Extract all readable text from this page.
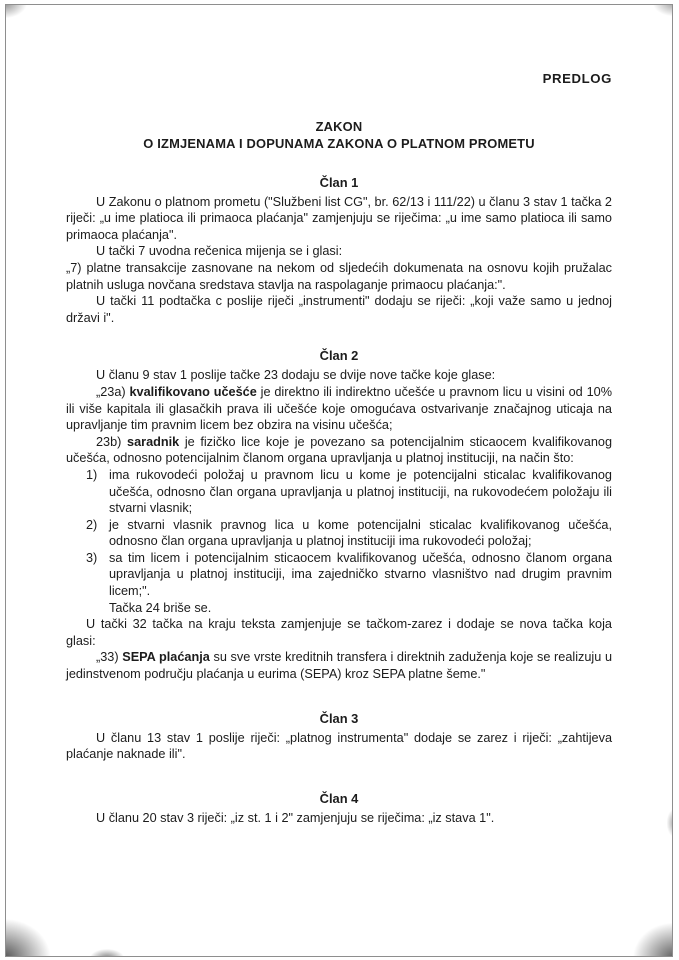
PREDLOG

ZAKON
O IZMJENAMA I DOPUNAMA ZAKONA O PLATNOM PROMETU
Član 1

U Zakonu o platnom prometu ("Službeni list CG", br. 62/13 i 111/22) u članu 3 stav 1 tačka 2 riječi: „u ime platioca ili primaoca plaćanja" zamjenjuju se riječima: „u ime samo platioca ili samo primaoca plaćanja".

U tački 7 uvodna rečenica mijenja se i glasi:

„7) platne transakcije zasnovane na nekom od sljedećih dokumenata na osnovu kojih pružalac platnih usluga novčana sredstava stavlja na raspolaganje primaocu plaćanja:".

U tački 11 podtačka c poslije riječi „instrumenti" dodaju se riječi: „koji važe samo u jednoj državi i".

Član 2

U članu 9 stav 1 poslije tačke 23 dodaju se dvije nove tačke koje glase:

„23a) kvalifikovano učešće je direktno ili indirektno učešće u pravnom licu u visini od 10% ili više kapitala ili glasačkih prava ili učešće koje omogućava ostvarivanje značajnog uticaja na upravljanje tim pravnim licem bez obzira na visinu učešća;

23b) saradnik je fizičko lice koje je povezano sa potencijalnim sticaocem kvalifikovanog učešća, odnosno potencijalnim članom organa upravljanja u platnoj instituciji, na način što:

1) ima rukovodeći položaj u pravnom licu u kome je potencijalni sticalac kvalifikovanog učešća, odnosno član organa upravljanja u platnoj instituciji, na rukovodećem položaju ili stvarni vlasnik;

2) je stvarni vlasnik pravnog lica u kome potencijalni sticalac kvalifikovanog učešća, odnosno član organa upravljanja u platnoj instituciji ima rukovodeći položaj;

3) sa tim licem i potencijalnim sticaocem kvalifikovanog učešća, odnosno članom organa upravljanja u platnoj instituciji, ima zajedničko stvarno vlasništvo nad drugim pravnim licem;".

Tačka 24 briše se.

U tački 32 tačka na kraju teksta zamjenjuje se tačkom-zarez i dodaje se nova tačka koja glasi:

„33) SEPA plaćanja su sve vrste kreditnih transfera i direktnih zaduženja koje se realizuju u jedinstvenom području plaćanja u eurima (SEPA) kroz SEPA platne šeme."

Član 3

U članu 13 stav 1 poslije riječi: „platnog instrumenta" dodaje se zarez i riječi: „zahtijeva plaćanje naknade ili".

Član 4

U članu 20 stav 3 riječi: „iz st. 1 i 2" zamjenjuju se riječima: „iz stava 1".
